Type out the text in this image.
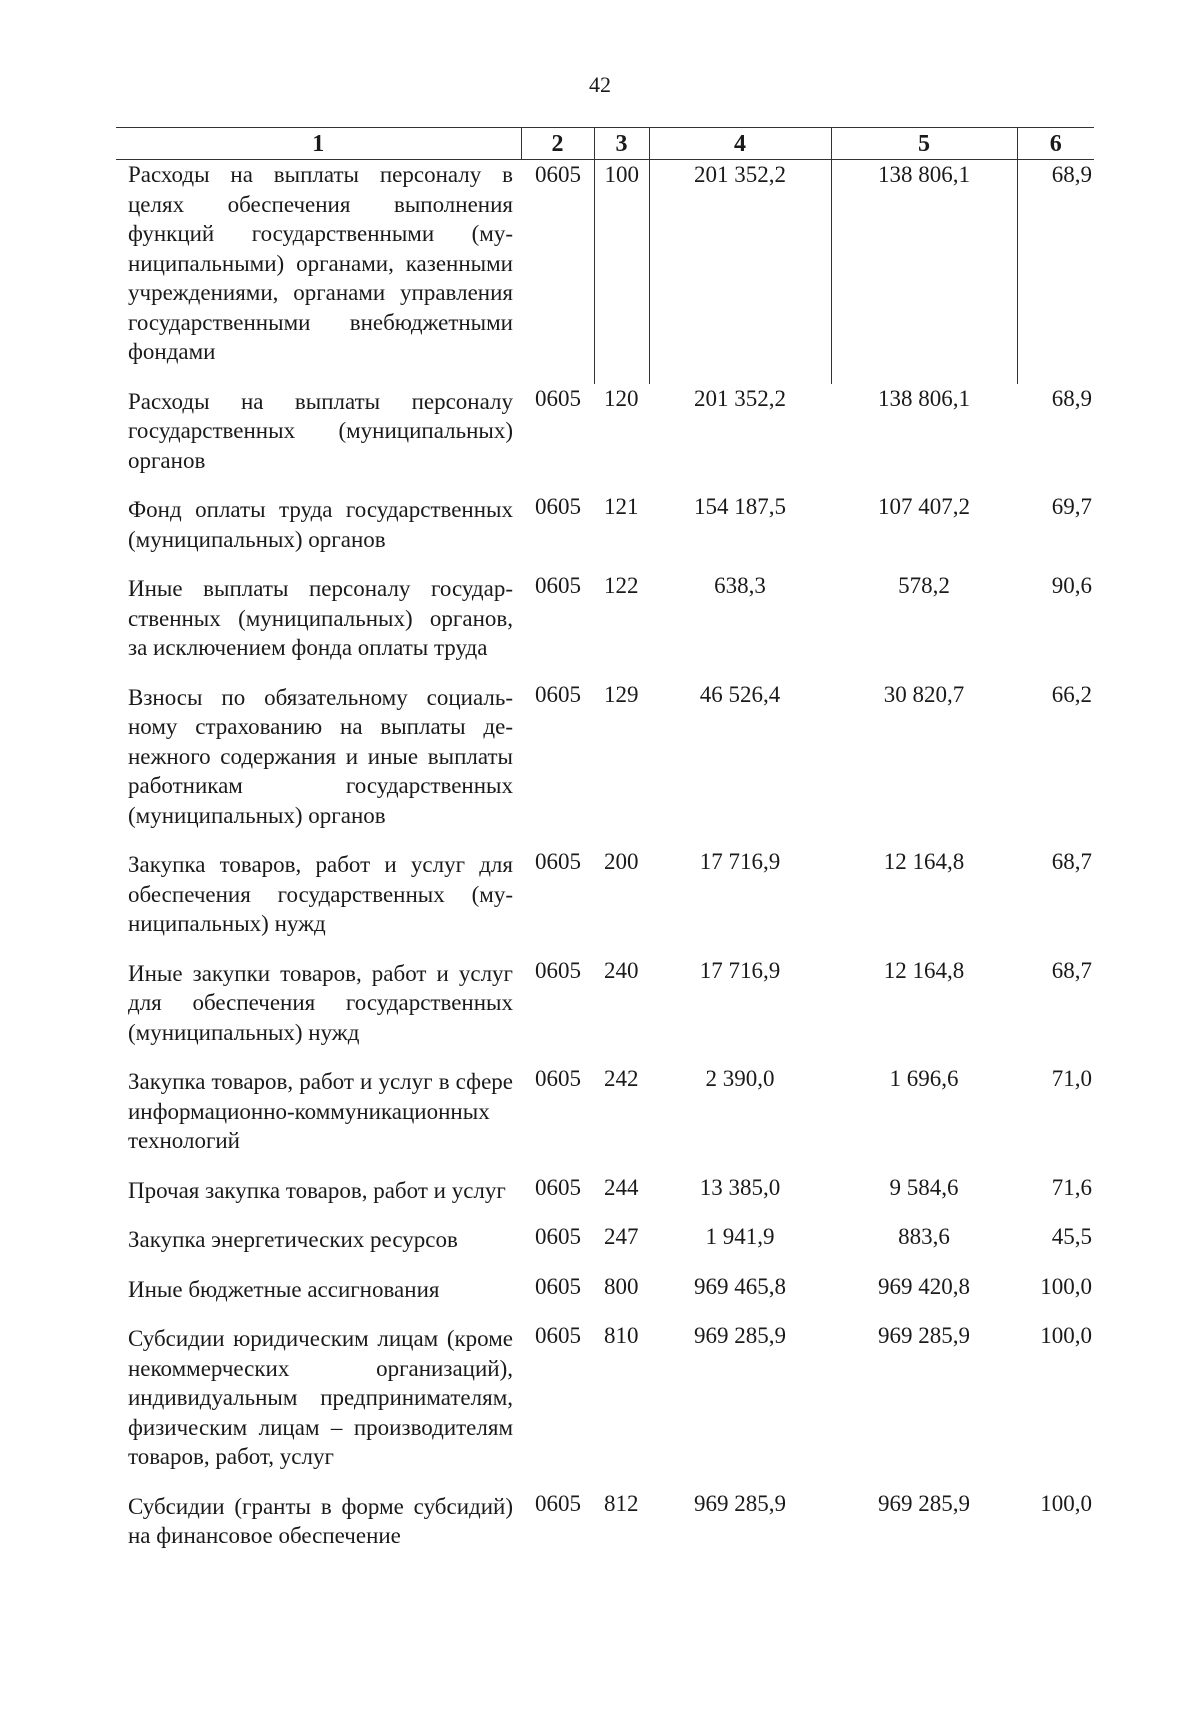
42
1	2	3	4	5	6
Расходы на выплаты персоналу в целях обеспечения выполнения функций государственными (муниципальными) органами, казенными учреждениями, органами управления государственными внебюджетными фондами	0605	100	201 352,2	138 806,1	68,9
Расходы на выплаты персоналу государственных (муниципальных) органов	0605	120	201 352,2	138 806,1	68,9
Фонд оплаты труда государственных (муниципальных) органов	0605	121	154 187,5	107 407,2	69,7
Иные выплаты персоналу государственных (муниципальных) органов, за исключением фонда оплаты труда	0605	122	638,3	578,2	90,6
Взносы по обязательному социальному страхованию на выплаты денежного содержания и иные выплаты работникам государственных (муниципальных) органов	0605	129	46 526,4	30 820,7	66,2
Закупка товаров, работ и услуг для обеспечения государственных (муниципальных) нужд	0605	200	17 716,9	12 164,8	68,7
Иные закупки товаров, работ и услуг для обеспечения государственных (муниципальных) нужд	0605	240	17 716,9	12 164,8	68,7
Закупка товаров, работ и услуг в сфере информационно-коммуникационных технологий	0605	242	2 390,0	1 696,6	71,0
Прочая закупка товаров, работ и услуг	0605	244	13 385,0	9 584,6	71,6
Закупка энергетических ресурсов	0605	247	1 941,9	883,6	45,5
Иные бюджетные ассигнования	0605	800	969 465,8	969 420,8	100,0
Субсидии юридическим лицам (кроме некоммерческих организаций), индивидуальным предпринимателям, физическим лицам – производителям товаров, работ, услуг	0605	810	969 285,9	969 285,9	100,0
Субсидии (гранты в форме субсидий) на финансовое обеспечение	0605	812	969 285,9	969 285,9	100,0
